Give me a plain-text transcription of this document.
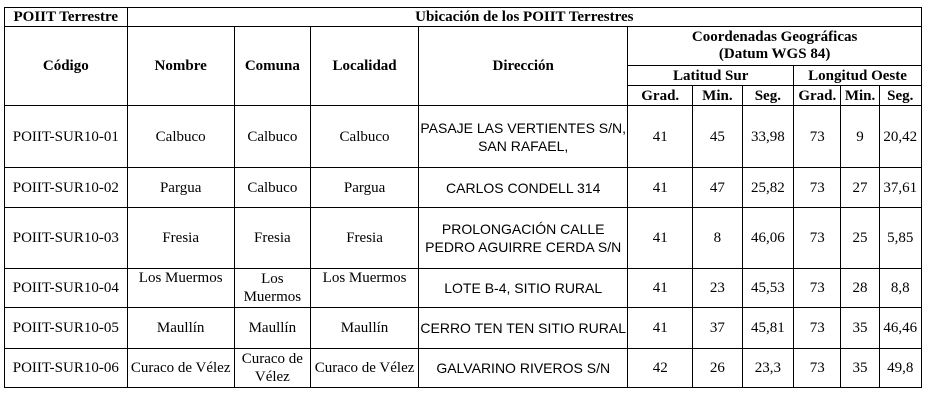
POIIT Terrestre	Ubicación de los POIIT Terrestres									
Código	Nombre	Comuna	Localidad	Dirección	Coordenadas Geográficas
(Datum WGS 84)					

					Latitud Sur			Longitud Oeste		
					Grad.	Min.	Seg.	Grad.	Min.	Seg.
POIIT-SUR10-01	Calbuco	Calbuco	Calbuco	PASAJE LAS VERTIENTES S/N, SAN RAFAEL,	41	45	33,98	73	9	20,42
POIIT-SUR10-02	Pargua	Calbuco	Pargua	CARLOS CONDELL 314	41	47	25,82	73	27	37,61
POIIT-SUR10-03	Fresia	Fresia	Fresia	PROLONGACIÓN CALLE PEDRO AGUIRRE CERDA S/N	41	8	46,06	73	25	5,85
POIIT-SUR10-04	Los Muermos	Los Muermos	Los Muermos	LOTE B-4, SITIO RURAL	41	23	45,53	73	28	8,8
POIIT-SUR10-05	Maullín	Maullín	Maullín	CERRO TEN TEN SITIO RURAL	41	37	45,81	73	35	46,46
POIIT-SUR10-06	Curaco de Vélez	Curaco de Vélez	Curaco de Vélez	GALVARINO RIVEROS S/N	42	26	23,3	73	35	49,8
